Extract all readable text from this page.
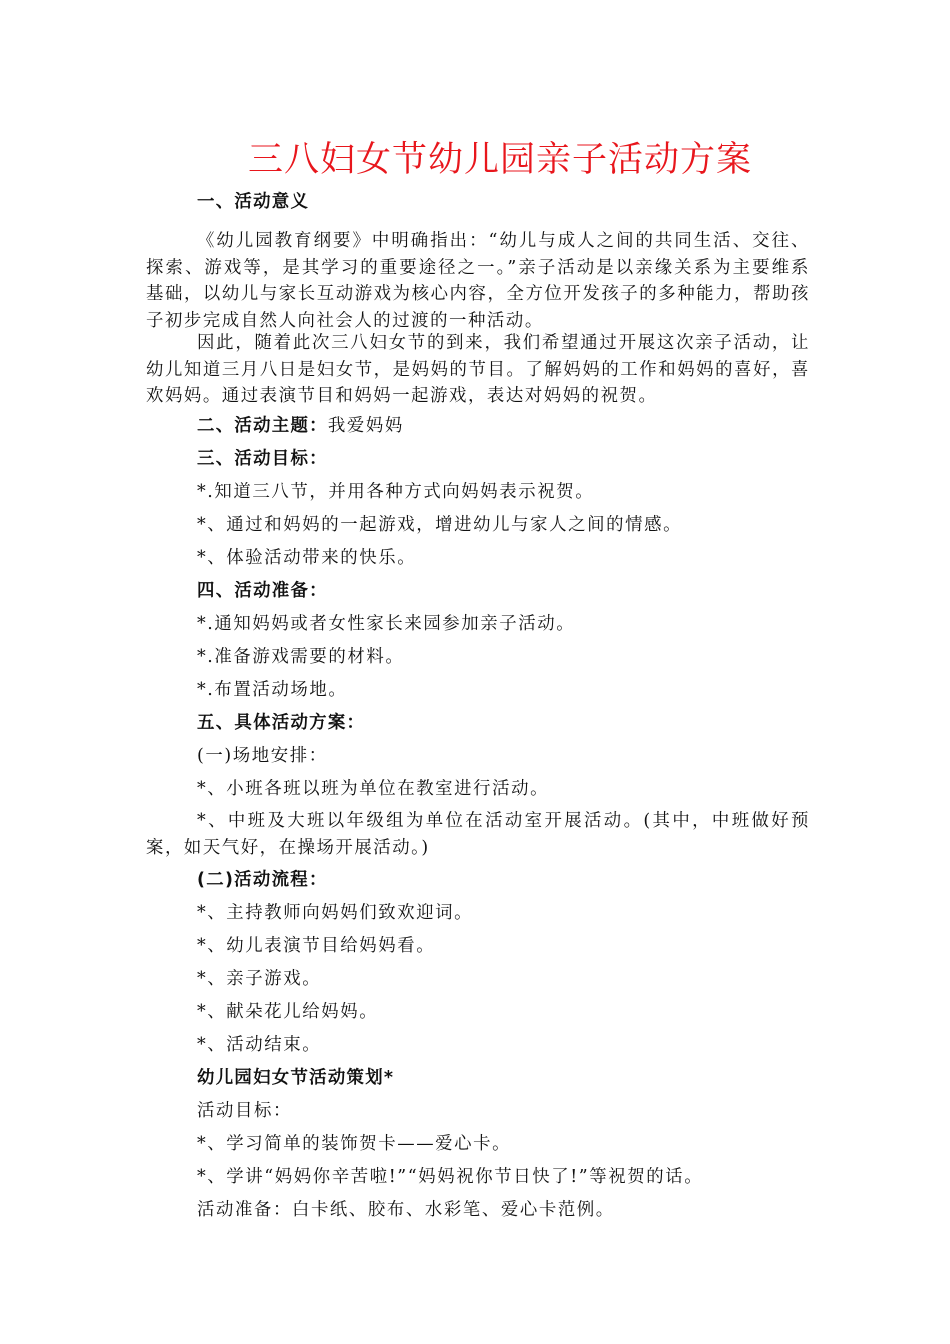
三八妇女节幼儿园亲子活动方案
一、活动意义
《幼儿园教育纲要》中明确指出：“幼儿与成人之间的共同生活、交往、探索、游戏等，是其学习的重要途径之一。”亲子活动是以亲缘关系为主要维系基础，以幼儿与家长互动游戏为核心内容，全方位开发孩子的多种能力，帮助孩子初步完成自然人向社会人的过渡的一种活动。
因此，随着此次三八妇女节的到来，我们希望通过开展这次亲子活动，让幼儿知道三月八日是妇女节，是妈妈的节目。了解妈妈的工作和妈妈的喜好，喜欢妈妈。通过表演节目和妈妈一起游戏，表达对妈妈的祝贺。
二、活动主题：我爱妈妈
三、活动目标：
*.知道三八节，并用各种方式向妈妈表示祝贺。
*、通过和妈妈的一起游戏，增进幼儿与家人之间的情感。
*、体验活动带来的快乐。
四、活动准备：
*.通知妈妈或者女性家长来园参加亲子活动。
*.准备游戏需要的材料。
*.布置活动场地。
五、具体活动方案：
(一)场地安排：
*、小班各班以班为单位在教室进行活动。
*、中班及大班以年级组为单位在活动室开展活动。(其中，中班做好预案，如天气好，在操场开展活动。)
(二)活动流程：
*、主持教师向妈妈们致欢迎词。
*、幼儿表演节目给妈妈看。
*、亲子游戏。
*、献朵花儿给妈妈。
*、活动结束。
幼儿园妇女节活动策划*
活动目标：
*、学习简单的装饰贺卡——爱心卡。
*、学讲“妈妈你辛苦啦!”“妈妈祝你节日快了!”等祝贺的话。
活动准备：白卡纸、胶布、水彩笔、爱心卡范例。
